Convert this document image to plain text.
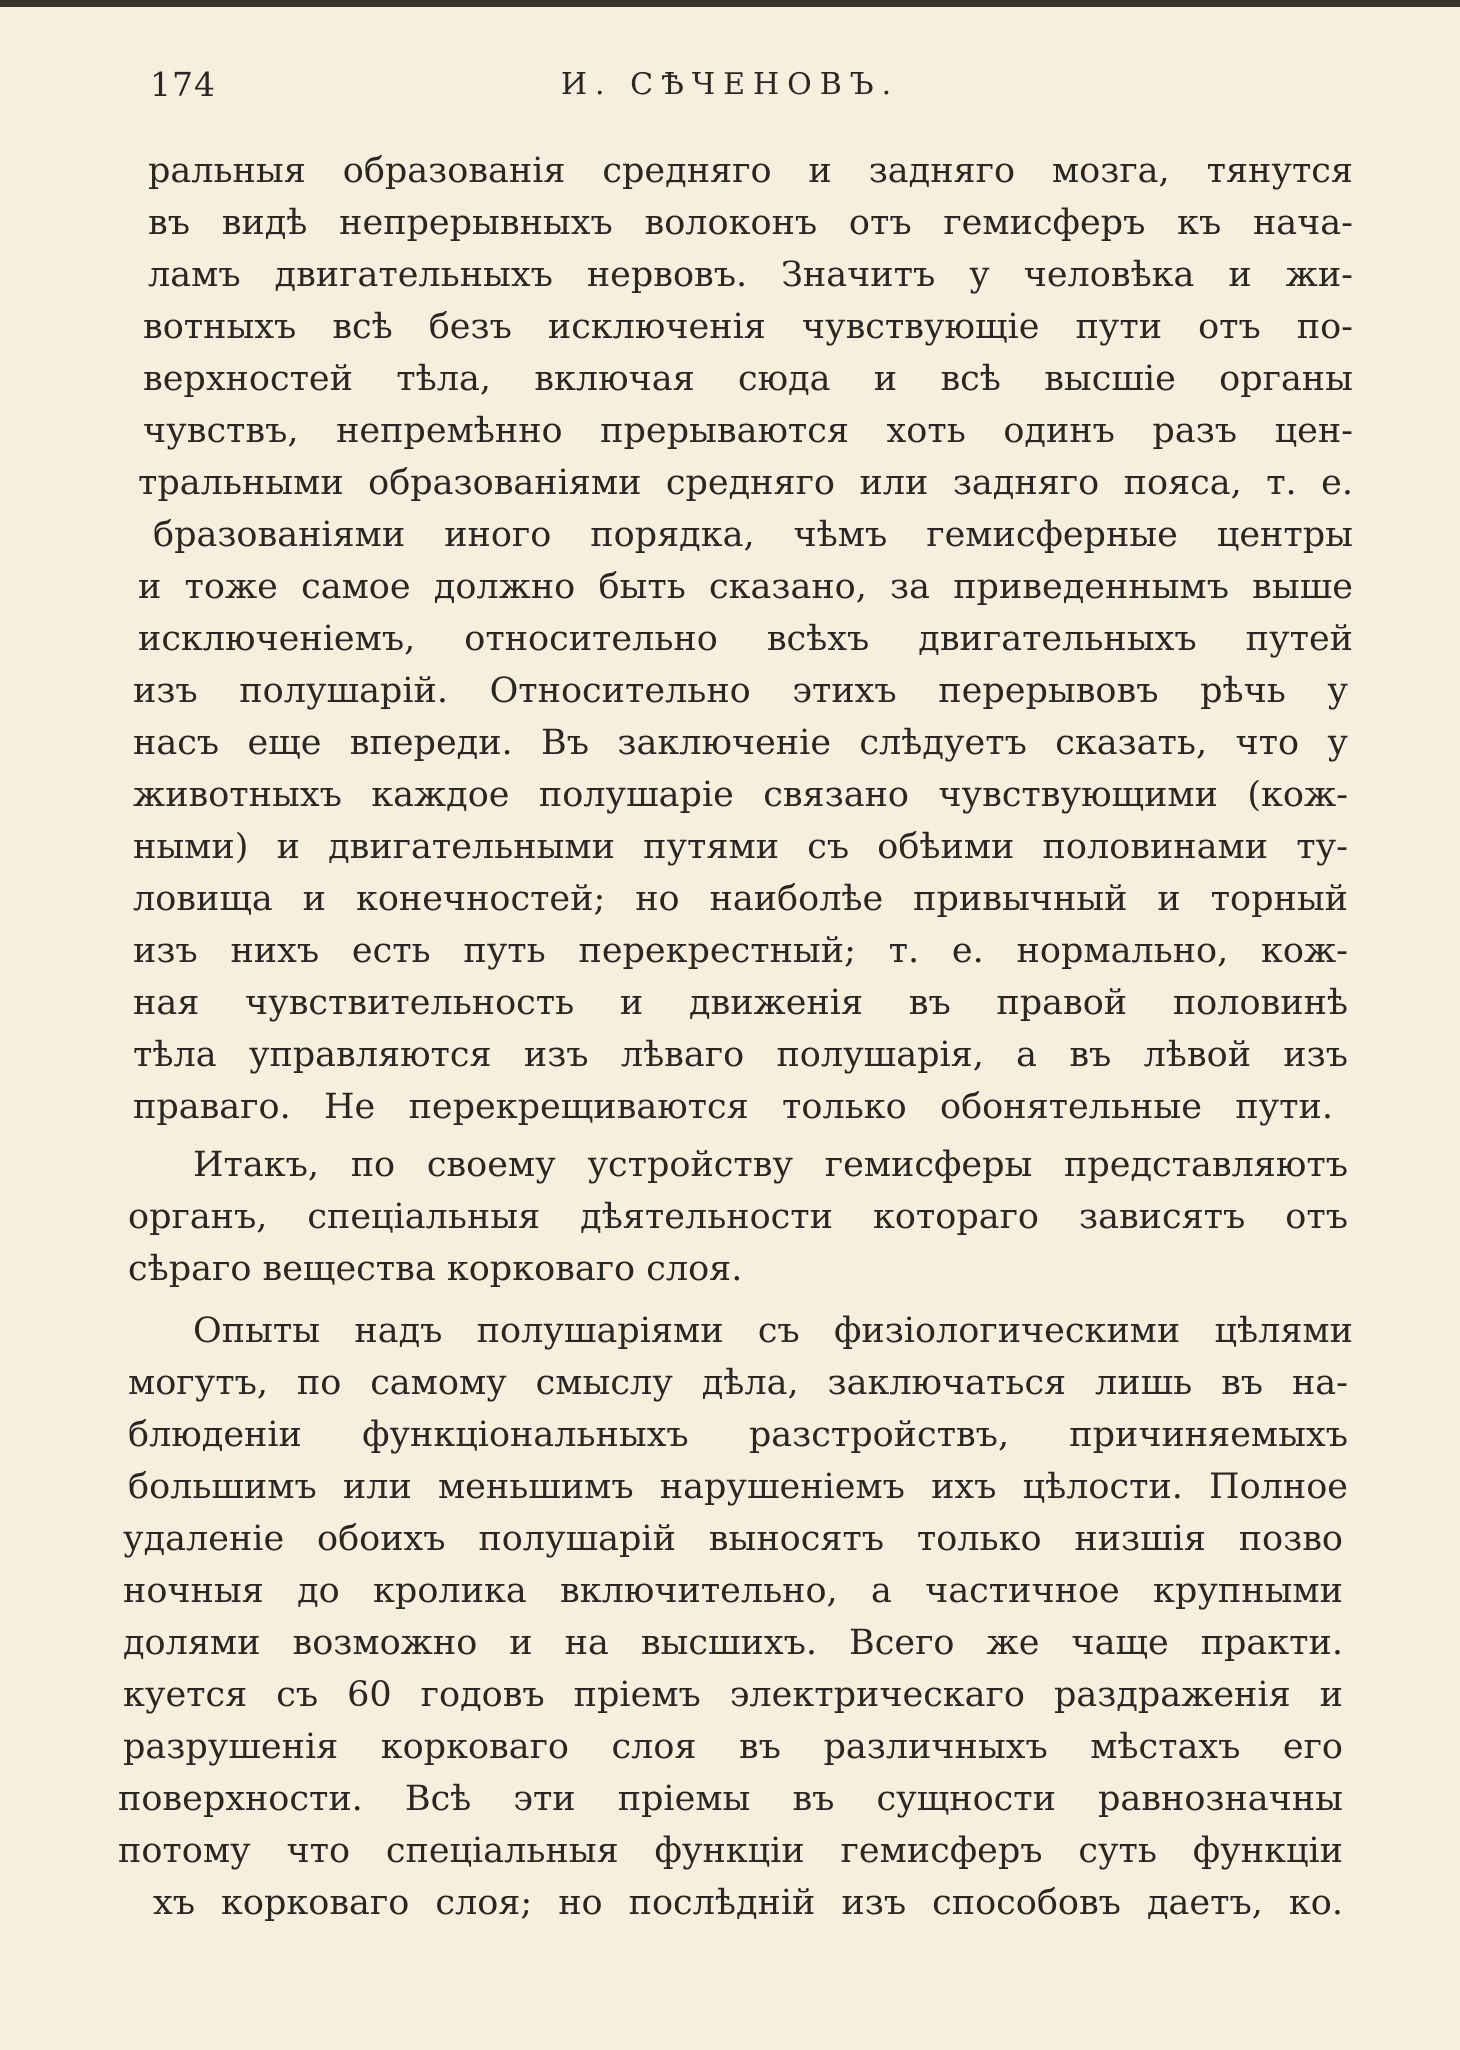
174	И. СѢЧЕНОВЪ.
ральныя образованія средняго и задняго мозга, тянутся
въ видѣ непрерывныхъ волоконъ отъ гемисферъ къ нача-
ламъ двигательныхъ нервовъ. Значитъ у человѣка и жи-
вотныхъ всѣ безъ исключенія чувствующіе пути отъ по-
верхностей тѣла, включая сюда и всѣ высшіе органы
чувствъ, непремѣнно прерываются хоть одинъ разъ цен-
тральными образованіями средняго или задняго пояса, т. е.
бразованіями иного порядка, чѣмъ гемисферные центры
и тоже самое должно быть сказано, за приведеннымъ выше
исключеніемъ, относительно всѣхъ двигательныхъ путей
изъ полушарій. Относительно этихъ перерывовъ рѣчь у
насъ еще впереди. Въ заключеніе слѣдуетъ сказать, что у
животныхъ каждое полушаріе связано чувствующими (кож-
ными) и двигательными путями съ обѣими половинами ту-
ловища и конечностей; но наиболѣе привычный и торный
изъ нихъ есть путь перекрестный; т. е. нормально, кож-
ная чувствительность и движенія въ правой половинѣ
тѣла управляются изъ лѣваго полушарія, а въ лѣвой изъ
праваго. Не перекрещиваются только обонятельные пути.
Итакъ, по своему устройству гемисферы представляютъ
органъ, спеціальныя дѣятельности котораго зависятъ отъ
сѣраго вещества корковаго слоя.
Опыты надъ полушаріями съ физіологическими цѣлями
могутъ, по самому смыслу дѣла, заключаться лишь въ на-
блюденіи функціональныхъ разстройствъ, причиняемыхъ
большимъ или меньшимъ нарушеніемъ ихъ цѣлости. Полное
удаленіе обоихъ полушарій выносятъ только низшія позво
ночныя до кролика включительно, а частичное крупными
долями возможно и на высшихъ. Всего же чаще практи.
куется съ 60 годовъ пріемъ электрическаго раздраженія и
разрушенія корковаго слоя въ различныхъ мѣстахъ его
поверхности. Всѣ эти пріемы въ сущности равнозначны
потому что спеціальныя функціи гемисферъ суть функціи
хъ корковаго слоя; но послѣдній изъ способовъ даетъ, ко.
